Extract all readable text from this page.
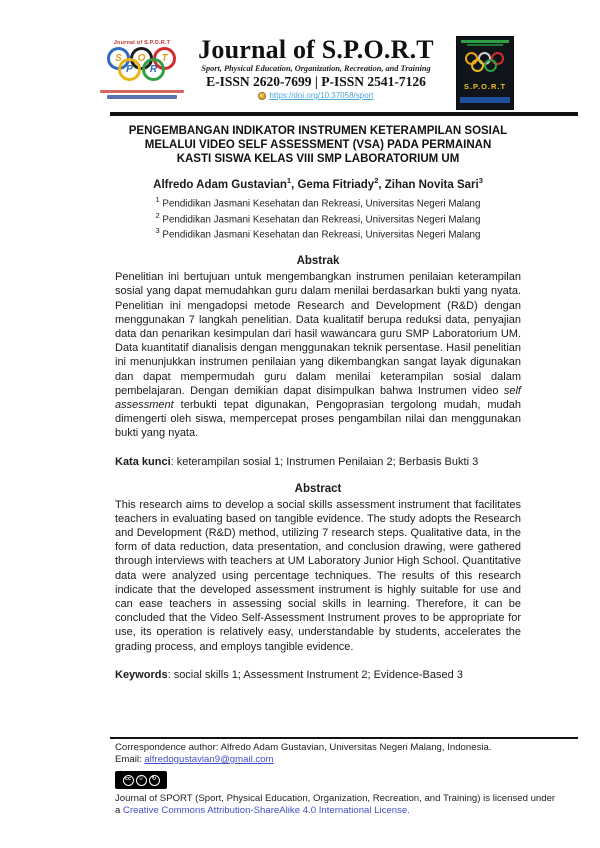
Journal of S.P.O.R.T
S O T
P R
Journal of S.P.O.R.T
Sport, Physical Education, Organization, Recreation, and Training
E-ISSN 2620-7699 | P-ISSN 2541-7126
https://doi.org/10.37058/sport
S.P.O.R.T
PENGEMBANGAN INDIKATOR INSTRUMEN KETERAMPILAN SOSIAL
MELALUI VIDEO SELF ASSESSMENT (VSA) PADA PERMAINAN
KASTI SISWA KELAS VIII SMP LABORATORIUM UM
Alfredo Adam Gustavian$^1$, Gema Fitriady$^2$, Zihan Novita Sari$^3$
$^1$ Pendidikan Jasmani Kesehatan dan Rekreasi, Universitas Negeri Malang
$^2$ Pendidikan Jasmani Kesehatan dan Rekreasi, Universitas Negeri Malang
$^3$ Pendidikan Jasmani Kesehatan dan Rekreasi, Universitas Negeri Malang
Abstrak

Penelitian ini bertujuan untuk mengembangkan instrumen penilaian keterampilan sosial yang dapat memudahkan guru dalam menilai berdasarkan bukti yang nyata. Penelitian ini mengadopsi metode Research and Development (R&D) dengan menggunakan 7 langkah penelitian. Data kualitatif berupa reduksi data, penyajian data dan penarikan kesimpulan dari hasil wawancara guru SMP Laboratorium UM. Data kuantitatif dianalisis dengan menggunakan teknik persentase. Hasil penelitian ini menunjukkan instrumen penilaian yang dikembangkan sangat layak digunakan dan dapat mempermudah guru dalam menilai keterampilan sosial dalam pembelajaran. Dengan demikian dapat disimpulkan bahwa Instrumen video self assessment terbukti tepat digunakan, Pengoprasian tergolong mudah, mudah dimengerti oleh siswa, mempercepat proses pengambilan nilai dan menggunakan bukti yang nyata.

Kata kunci: keterampilan sosial 1; Instrumen Penilaian 2; Berbasis Bukti 3

Abstract

This research aims to develop a social skills assessment instrument that facilitates teachers in evaluating based on tangible evidence. The study adopts the Research and Development (R&D) method, utilizing 7 research steps. Qualitative data, in the form of data reduction, data presentation, and conclusion drawing, were gathered through interviews with teachers at UM Laboratory Junior High School. Quantitative data were analyzed using percentage techniques. The results of this research indicate that the developed assessment instrument is highly suitable for use and can ease teachers in assessing social skills in learning. Therefore, it can be concluded that the Video Self-Assessment Instrument proves to be appropriate for use, its operation is relatively easy, understandable by students, accelerates the grading process, and employs tangible evidence.

Keywords: social skills 1; Assessment Instrument 2; Evidence-Based 3

Correspondence author: Alfredo Adam Gustavian, Universitas Negeri Malang, Indonesia.
Email: alfredogustavian9@gmail.com
cc	☺	↻
Journal of SPORT (Sport, Physical Education, Organization, Recreation, and Training) is licensed under a Creative Commons Attribution-ShareAlike 4.0 International License.
